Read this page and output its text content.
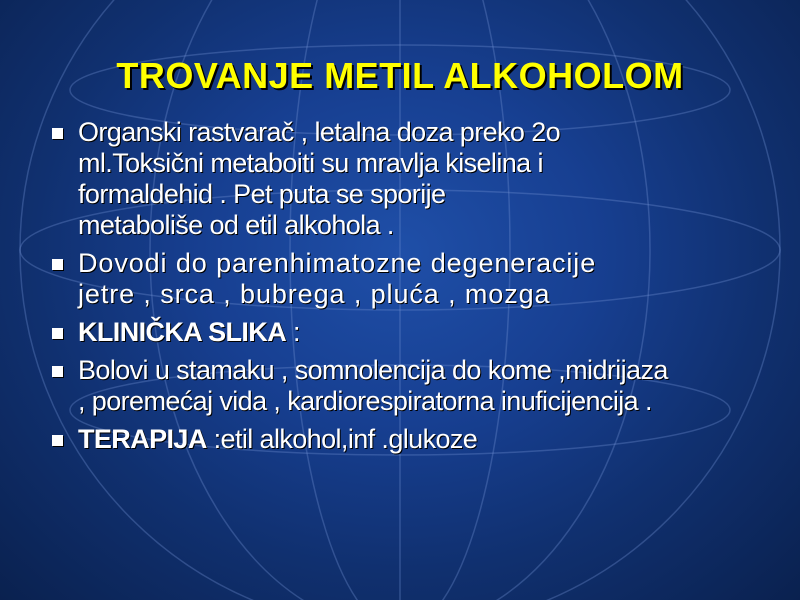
TROVANJE METIL ALKOHOLOM
Organski rastvarač , letalna doza preko 2o
ml.Toksični metaboiti su mravlja kiselina i
formaldehid . Pet puta se sporije
metaboliše od etil alkohola .
Dovodi do parenhimatozne degeneracije
jetre , srca , bubrega , pluća , mozga
KLINIČKA SLIKA :
Bolovi u stamaku , somnolencija do kome ,midrijaza
, poremećaj vida , kardiorespiratorna inuficijencija .
TERAPIJA :etil alkohol,inf .glukoze
